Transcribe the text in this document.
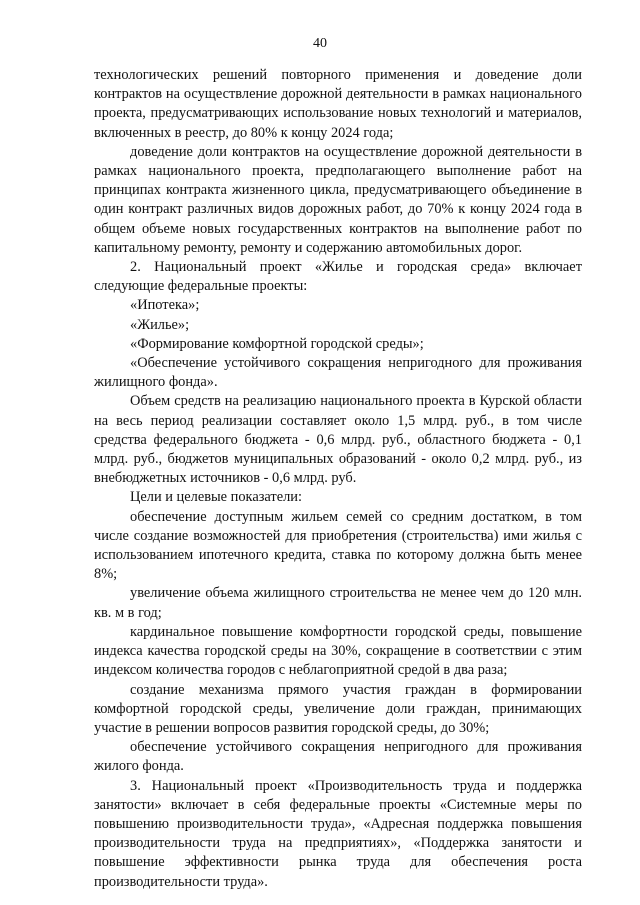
40

технологических решений повторного применения и доведение доли контрактов на осуществление дорожной деятельности в рамках национального проекта, предусматривающих использование новых технологий и материалов, включенных в реестр, до 80% к концу 2024 года;

доведение доли контрактов на осуществление дорожной деятельности в рамках национального проекта, предполагающего выполнение работ на принципах контракта жизненного цикла, предусматривающего объединение в один контракт различных видов дорожных работ, до 70% к концу 2024 года в общем объеме новых государственных контрактов на выполнение работ по капитальному ремонту, ремонту и содержанию автомобильных дорог.

2. Национальный проект «Жилье и городская среда» включает следующие федеральные проекты:

«Ипотека»;

«Жилье»;

«Формирование комфортной городской среды»;

«Обеспечение устойчивого сокращения непригодного для проживания жилищного фонда».

Объем средств на реализацию национального проекта в Курской области на весь период реализации составляет около 1,5 млрд. руб., в том числе средства федерального бюджета - 0,6 млрд. руб., областного бюджета - 0,1 млрд. руб., бюджетов муниципальных образований - около 0,2 млрд. руб., из внебюджетных источников - 0,6 млрд. руб.

Цели и целевые показатели:

обеспечение доступным жильем семей со средним достатком, в том числе создание возможностей для приобретения (строительства) ими жилья с использованием ипотечного кредита, ставка по которому должна быть менее 8%;

увеличение объема жилищного строительства не менее чем до 120 млн. кв. м в год;

кардинальное повышение комфортности городской среды, повышение индекса качества городской среды на 30%, сокращение в соответствии с этим индексом количества городов с неблагоприятной средой в два раза;

создание механизма прямого участия граждан в формировании комфортной городской среды, увеличение доли граждан, принимающих участие в решении вопросов развития городской среды, до 30%;

обеспечение устойчивого сокращения непригодного для проживания жилого фонда.

3. Национальный проект «Производительность труда и поддержка занятости» включает в себя федеральные проекты «Системные меры по повышению производительности труда», «Адресная поддержка повышения производительности труда на предприятиях», «Поддержка занятости и повышение эффективности рынка труда для обеспечения роста производительности труда».
